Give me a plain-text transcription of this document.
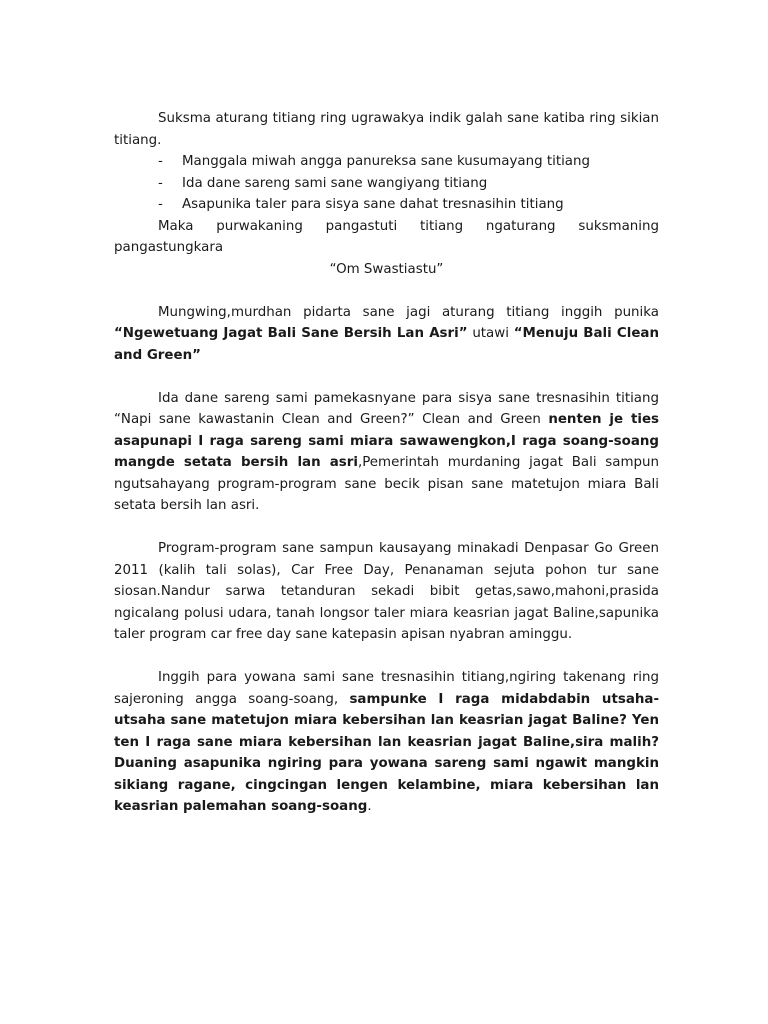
Suksma aturang titiang ring ugrawakya indik galah sane katiba ring sikian titiang.

- Manggala miwah angga panureksa sane kusumayang titiang
- Ida dane sareng sami sane wangiyang titiang
- Asapunika taler para sisya sane dahat tresnasihin titiang

Maka purwakaning pangastuti titiang ngaturang suksmaning pangastungkara

“Om Swastiastu”

Mungwing,murdhan pidarta sane jagi aturang titiang inggih punika “Ngewetuang Jagat Bali Sane Bersih Lan Asri” utawi “Menuju Bali Clean and Green”

Ida dane sareng sami pamekasnyane para sisya sane tresnasihin titiang “Napi sane kawastanin Clean and Green?” Clean and Green nenten je ties asapunapi I raga sareng sami miara sawawengkon,I raga soang-soang mangde setata bersih lan asri,Pemerintah murdaning jagat Bali sampun ngutsahayang program-program sane becik pisan sane matetujon miara Bali setata bersih lan asri.

Program-program sane sampun kausayang minakadi Denpasar Go Green 2011 (kalih tali solas), Car Free Day, Penanaman sejuta pohon tur sane siosan.Nandur sarwa tetanduran sekadi bibit getas,sawo,mahoni,prasida ngicalang polusi udara, tanah longsor taler miara keasrian jagat Baline,sapunika taler program car free day sane katepasin apisan nyabran aminggu.

Inggih para yowana sami sane tresnasihin titiang,ngiring takenang ring sajeroning angga soang-soang, sampunke I raga midabdabin utsaha-utsaha sane matetujon miara kebersihan lan keasrian jagat Baline? Yen ten I raga sane miara kebersihan lan keasrian jagat Baline,sira malih? Duaning asapunika ngiring para yowana sareng sami ngawit mangkin sikiang ragane, cingcingan lengen kelambine, miara kebersihan lan keasrian palemahan soang-soang.
